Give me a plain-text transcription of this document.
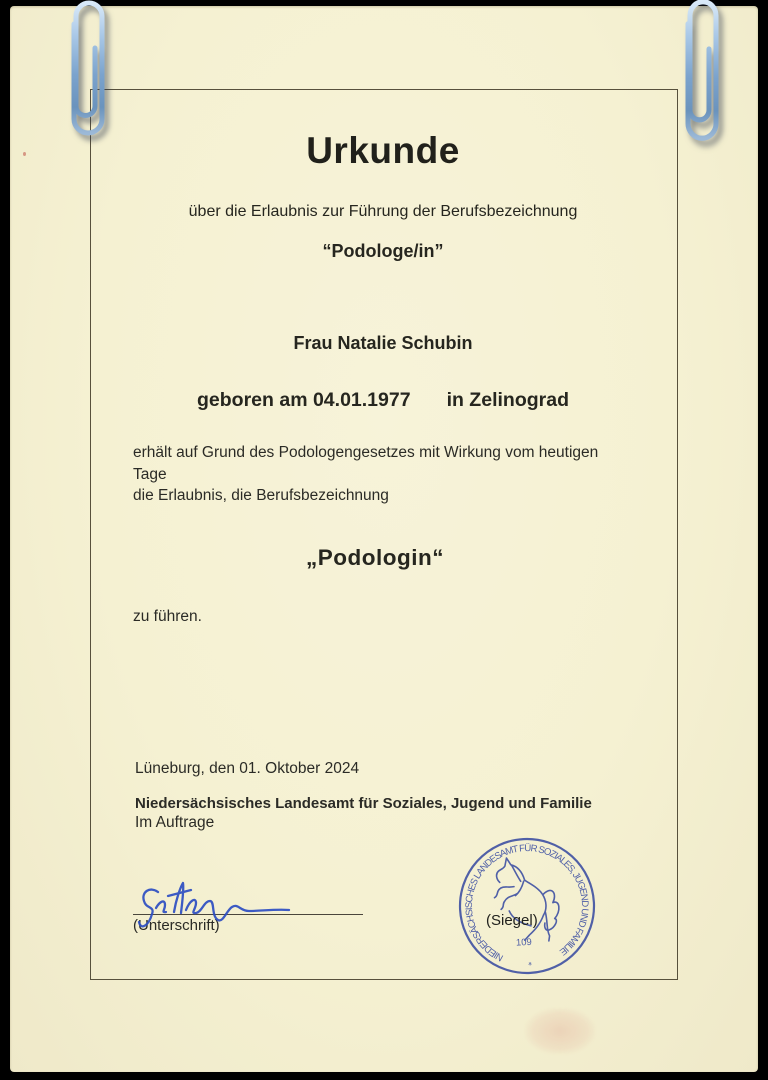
Urkunde
über die Erlaubnis zur Führung der Berufsbezeichnung
“Podologe/in”
Frau Natalie Schubin
geboren am 04.01.1977 in Zelinograd
erhält auf Grund des Podologengesetzes mit Wirkung vom heutigen Tage
die Erlaubnis, die Berufsbezeichnung
„Podologin“
zu führen.
Lüneburg, den 01. Oktober 2024
Niedersächsisches Landesamt für Soziales, Jugend und Familie
Im Auftrage
(Unterschrift)
NIEDERSÄCHSISCHES LANDESAMT FÜR SOZIALES, JUGEND UND FAMILIE
*
109
(Siegel)
